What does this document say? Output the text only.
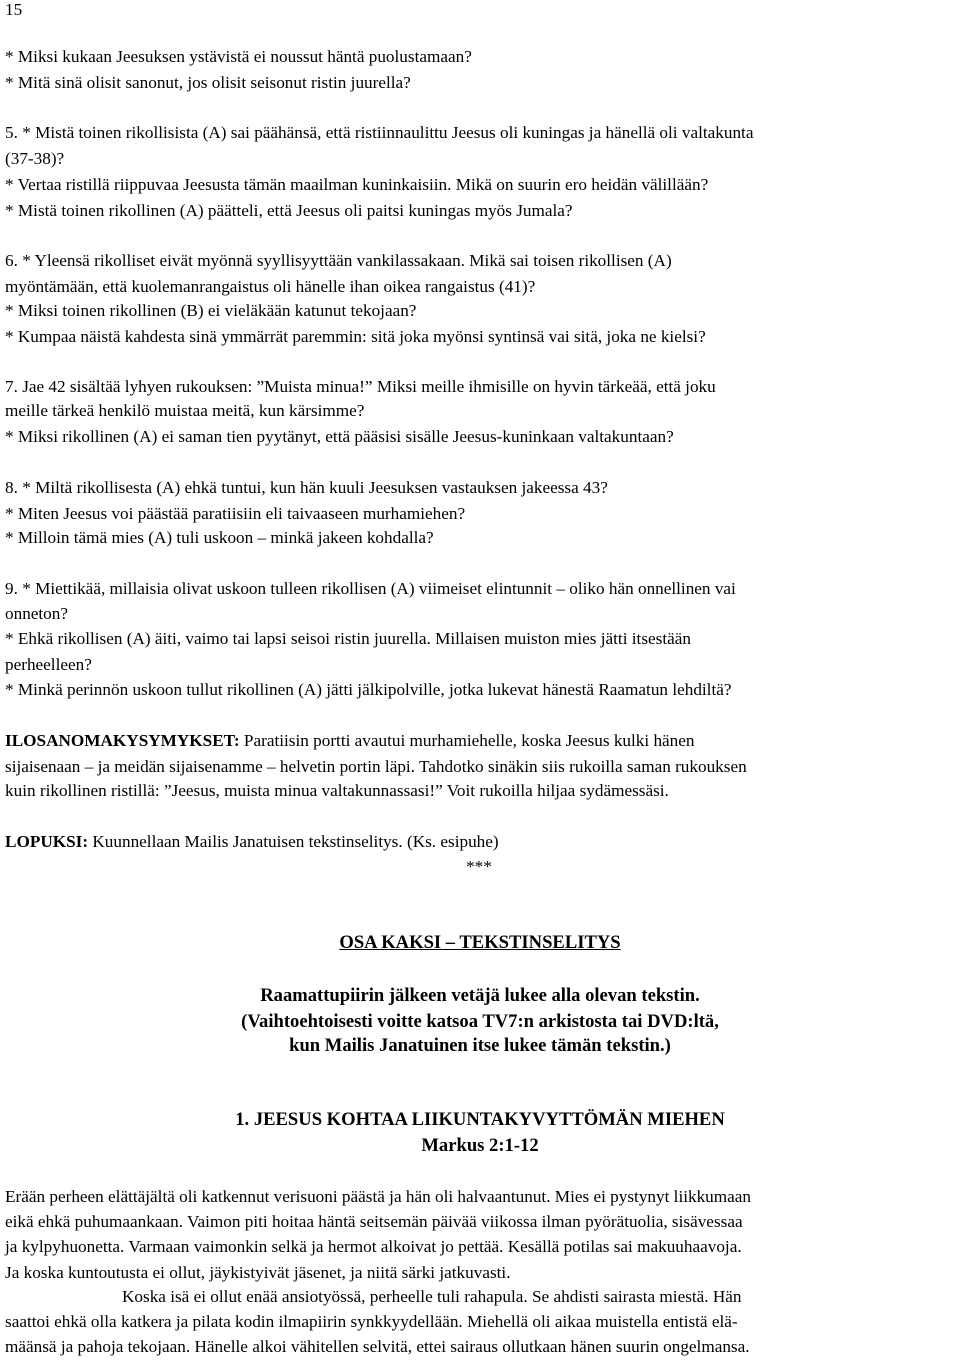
15
* Miksi kukaan Jeesuksen ystävistä ei noussut häntä puolustamaan?
* Mitä sinä olisit sanonut, jos olisit seisonut ristin juurella?
5. * Mistä toinen rikollisista (A) sai päähänsä, että ristiinnaulittu Jeesus oli kuningas ja hänellä oli valtakunta
(37-38)?
* Vertaa ristillä riippuvaa Jeesusta tämän maailman kuninkaisiin. Mikä on suurin ero heidän välillään?
* Mistä toinen rikollinen (A) päätteli, että Jeesus oli paitsi kuningas myös Jumala?
6. * Yleensä rikolliset eivät myönnä syyllisyyttään vankilassakaan. Mikä sai toisen rikollisen (A)
myöntämään, että kuolemanrangaistus oli hänelle ihan oikea rangaistus (41)?
* Miksi toinen rikollinen (B) ei vieläkään katunut tekojaan?
* Kumpaa näistä kahdesta sinä ymmärrät paremmin: sitä joka myönsi syntinsä vai sitä, joka ne kielsi?
7. Jae 42 sisältää lyhyen rukouksen: ”Muista minua!” Miksi meille ihmisille on hyvin tärkeää, että joku
meille tärkeä henkilö muistaa meitä, kun kärsimme?
* Miksi rikollinen (A) ei saman tien pyytänyt, että pääsisi sisälle Jeesus-kuninkaan valtakuntaan?
8. * Miltä rikollisesta (A) ehkä tuntui, kun hän kuuli Jeesuksen vastauksen jakeessa 43?
* Miten Jeesus voi päästää paratiisiin eli taivaaseen murhamiehen?
* Milloin tämä mies (A) tuli uskoon – minkä jakeen kohdalla?
9. * Miettikää, millaisia olivat uskoon tulleen rikollisen (A) viimeiset elintunnit – oliko hän onnellinen vai
onneton?
* Ehkä rikollisen (A) äiti, vaimo tai lapsi seisoi ristin juurella. Millaisen muiston mies jätti itsestään
perheelleen?
* Minkä perinnön uskoon tullut rikollinen (A) jätti jälkipolville, jotka lukevat hänestä Raamatun lehdiltä?
ILOSANOMAKYSYMYKSET: Paratiisin portti avautui murhamiehelle, koska Jeesus kulki hänen
sijaisenaan – ja meidän sijaisenamme – helvetin portin läpi. Tahdotko sinäkin siis rukoilla saman rukouksen
kuin rikollinen ristillä: ”Jeesus, muista minua valtakunnassasi!” Voit rukoilla hiljaa sydämessäsi.
LOPUKSI: Kuunnellaan Mailis Janatuisen tekstinselitys. (Ks. esipuhe)
***
OSA KAKSI – TEKSTINSELITYS
Raamattupiirin jälkeen vetäjä lukee alla olevan tekstin.
(Vaihtoehtoisesti voitte katsoa TV7:n arkistosta tai DVD:ltä,
kun Mailis Janatuinen itse lukee tämän tekstin.)
1. JEESUS KOHTAA LIIKUNTAKYVYTTÖMÄN MIEHEN
Markus 2:1-12
Erään perheen elättäjältä oli katkennut verisuoni päästä ja hän oli halvaantunut. Mies ei pystynyt liikkumaan
eikä ehkä puhumaankaan. Vaimon piti hoitaa häntä seitsemän päivää viikossa ilman pyörätuolia, sisävessaa
ja kylpyhuonetta. Varmaan vaimonkin selkä ja hermot alkoivat jo pettää. Kesällä potilas sai makuuhaavoja.
Ja koska kuntoutusta ei ollut, jäykistyivät jäsenet, ja niitä särki jatkuvasti.
Koska isä ei ollut enää ansiotyössä, perheelle tuli rahapula. Se ahdisti sairasta miestä. Hän
saattoi ehkä olla katkera ja pilata kodin ilmapiirin synkkyydellään. Miehellä oli aikaa muistella entistä elä-
määnsä ja pahoja tekojaan. Hänelle alkoi vähitellen selvitä, ettei sairaus ollutkaan hänen suurin ongelmansa.
